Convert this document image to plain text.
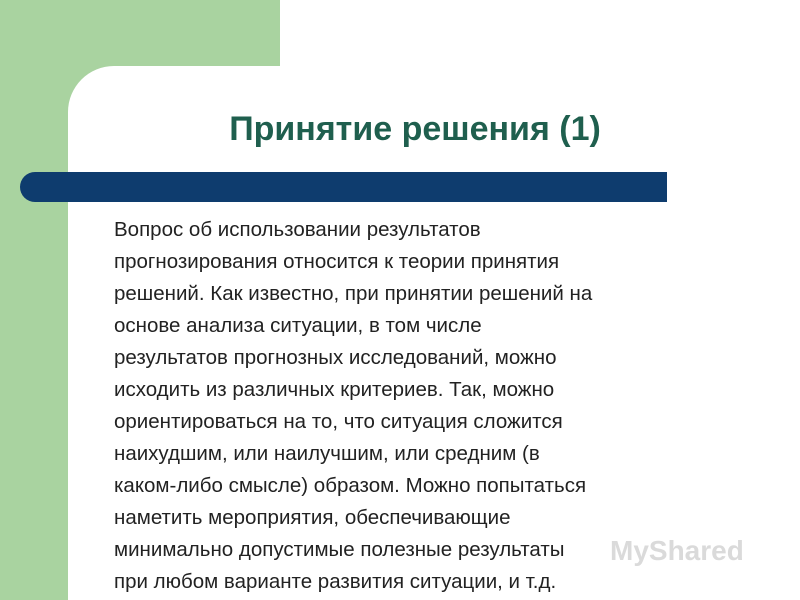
Принятие решения (1)
Вопрос об использовании результатов
прогнозирования относится к теории принятия
решений. Как известно, при принятии решений на
основе анализа ситуации, в том числе
результатов прогнозных исследований, можно
исходить из различных критериев. Так, можно
ориентироваться на то, что ситуация сложится
наихудшим, или наилучшим, или средним (в
каком-либо смысле) образом. Можно попытаться
наметить мероприятия, обеспечивающие
минимально допустимые полезные результаты
при любом варианте развития ситуации, и т.д.
MyShared
